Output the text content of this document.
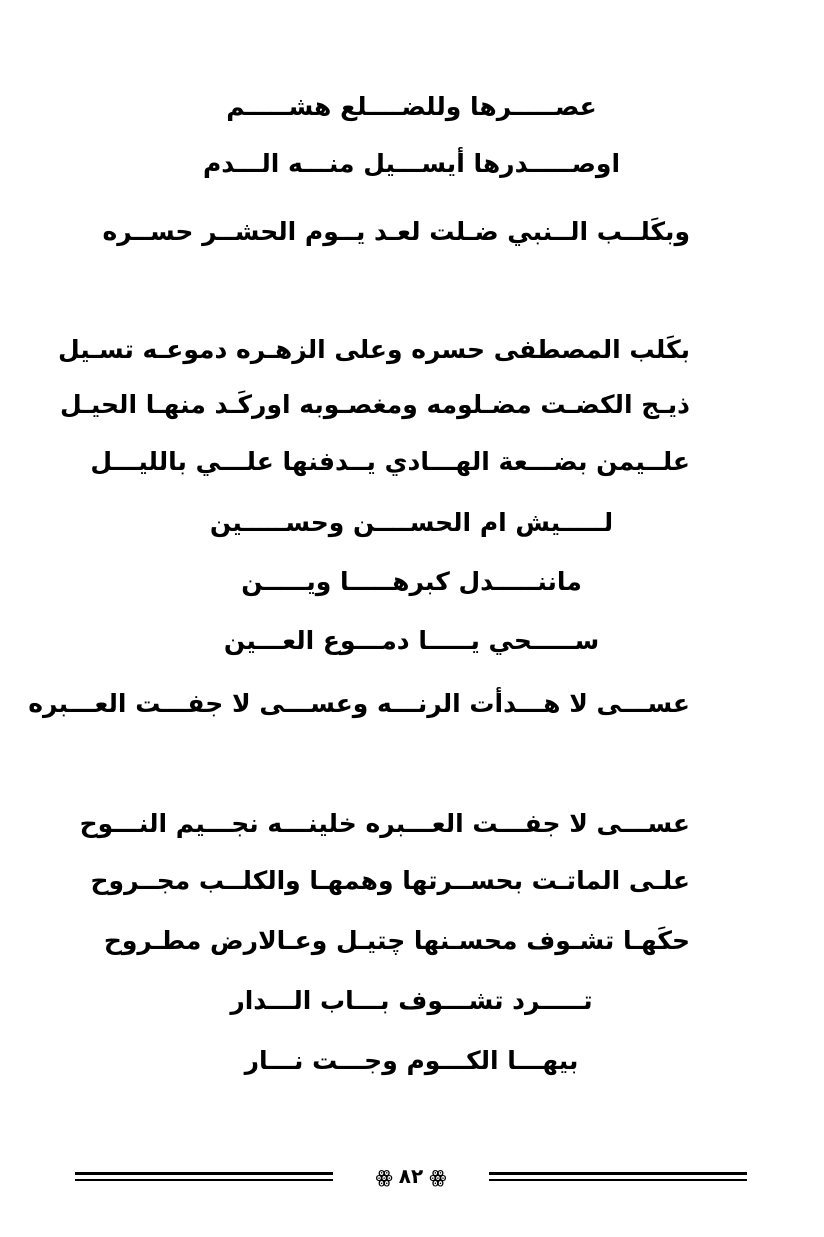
عصـــــرها وللضــــلع هشـــــم
اوصـــــدرها أيســـيل منـــه الـــدم
وبكَلــب الــنبي ضـلت لعـد يــوم الحشــر حســره
بكَلب المصطفى حسره وعلى الزهـره دموعـه تسـيل
ذيـج الكضـت مضـلومه ومغصـوبه اوركَـد منهـا الحيـل
علــيمن بضـــعة الهـــادي يــدفنها علـــي بالليـــل
لـــــيش ام الحســــن وحســـــين
ماننـــــدل كبرهـــــا ويـــــن
ســـــحي يـــــا دمـــوع العـــين
عســـى لا هـــدأت الرنـــه وعســـى لا جفـــت العـــبره
عســـى لا جفـــت العـــبره خلينـــه نجـــيم النـــوح
علـى الماتـت بحســرتها وهمهـا والكلــب مجــروح
حكَهـا تشـوف محسـنها چتيـل وعـالارض مطـروح
تـــــرد تشـــوف بـــاب الـــدار
بيهـــا الكـــوم وجـــت نـــار
ꙮ ٨٢ ꙮ
